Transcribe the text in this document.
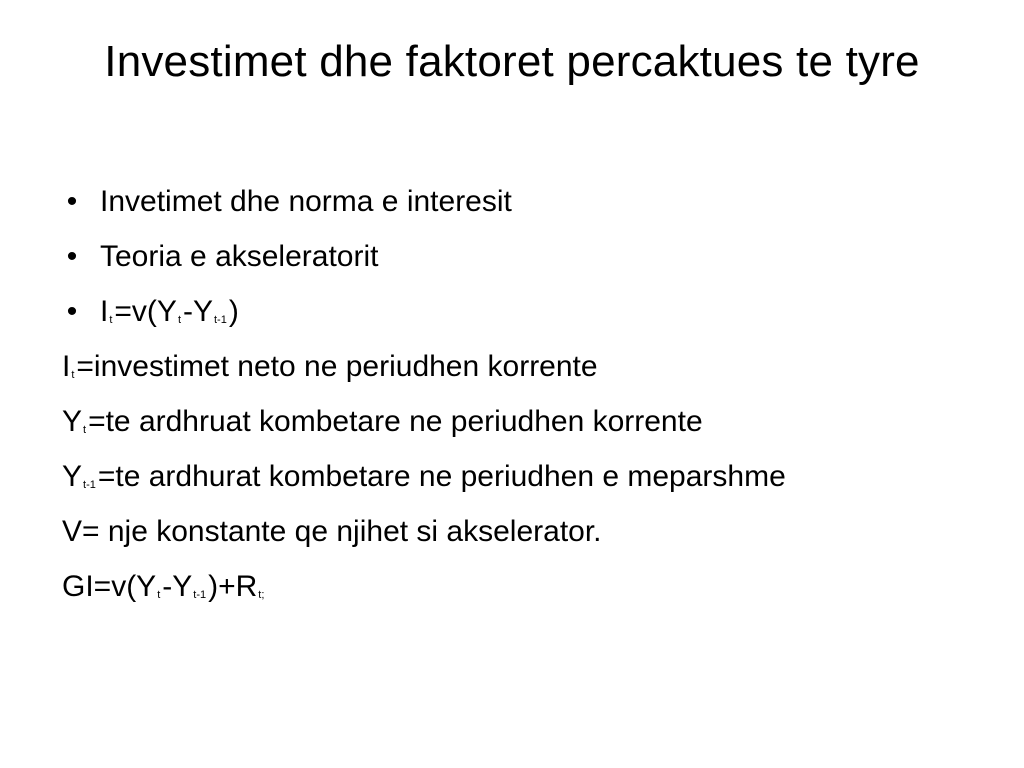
Investimet dhe faktoret percaktues te tyre
• Invetimet dhe norma e interesit
• Teoria e akseleratorit
• It=v(Yt-Yt-1)
It=investimet neto ne periudhen korrente
Yt=te ardhruat kombetare ne periudhen korrente
Yt-1=te ardhurat kombetare ne periudhen e meparshme
V= nje konstante qe njihet si akselerator.
GI=v(Yt-Yt-1)+Rt;
